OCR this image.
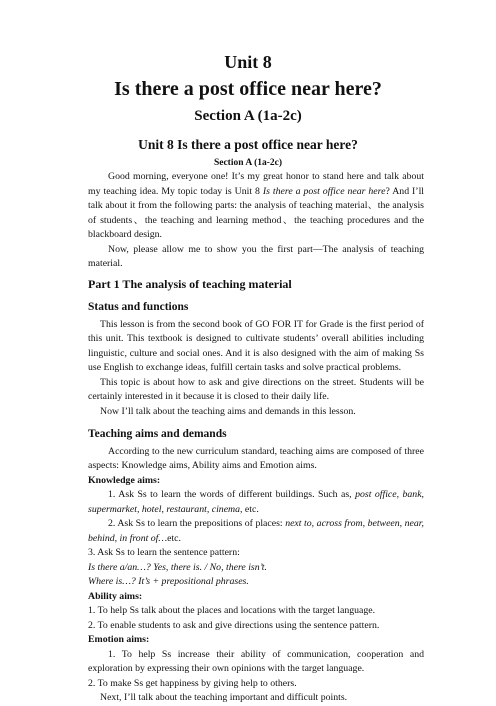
Unit 8
Is there a post office near here?
Section A (1a-2c)
Unit 8 Is there a post office near here?
Section A (1a-2c)

Good morning, everyone one! It’s my great honor to stand here and talk about my teaching idea. My topic today is Unit 8 Is there a post office near here? And I’ll talk about it from the following parts: the analysis of teaching material、the analysis of students、the teaching and learning method、the teaching procedures and the blackboard design.

Now, please allow me to show you the first part—The analysis of teaching material.

Part 1 The analysis of teaching material

Status and functions

This lesson is from the second book of GO FOR IT for Grade is the first period of this unit. This textbook is designed to cultivate students’ overall abilities including linguistic, culture and social ones. And it is also designed with the aim of making Ss use English to exchange ideas, fulfill certain tasks and solve practical problems.

This topic is about how to ask and give directions on the street. Students will be certainly interested in it because it is closed to their daily life.

Now I’ll talk about the teaching aims and demands in this lesson.

Teaching aims and demands

According to the new curriculum standard, teaching aims are composed of three aspects: Knowledge aims, Ability aims and Emotion aims.

Knowledge aims:

1. Ask Ss to learn the words of different buildings. Such as, post office, bank, supermarket, hotel, restaurant, cinema, etc.

2. Ask Ss to learn the prepositions of places: next to, across from, between, near, behind, in front of…etc.

3. Ask Ss to learn the sentence pattern:

Is there a/an…? Yes, there is. / No, there isn’t.

Where is…? It’s + prepositional phrases.

Ability aims:

1. To help Ss talk about the places and locations with the target language.

2. To enable students to ask and give directions using the sentence pattern.

Emotion aims:

1. To help Ss increase their ability of communication, cooperation and exploration by expressing their own opinions with the target language.

2. To make Ss get happiness by giving help to others.

Next, I’ll talk about the teaching important and difficult points.
